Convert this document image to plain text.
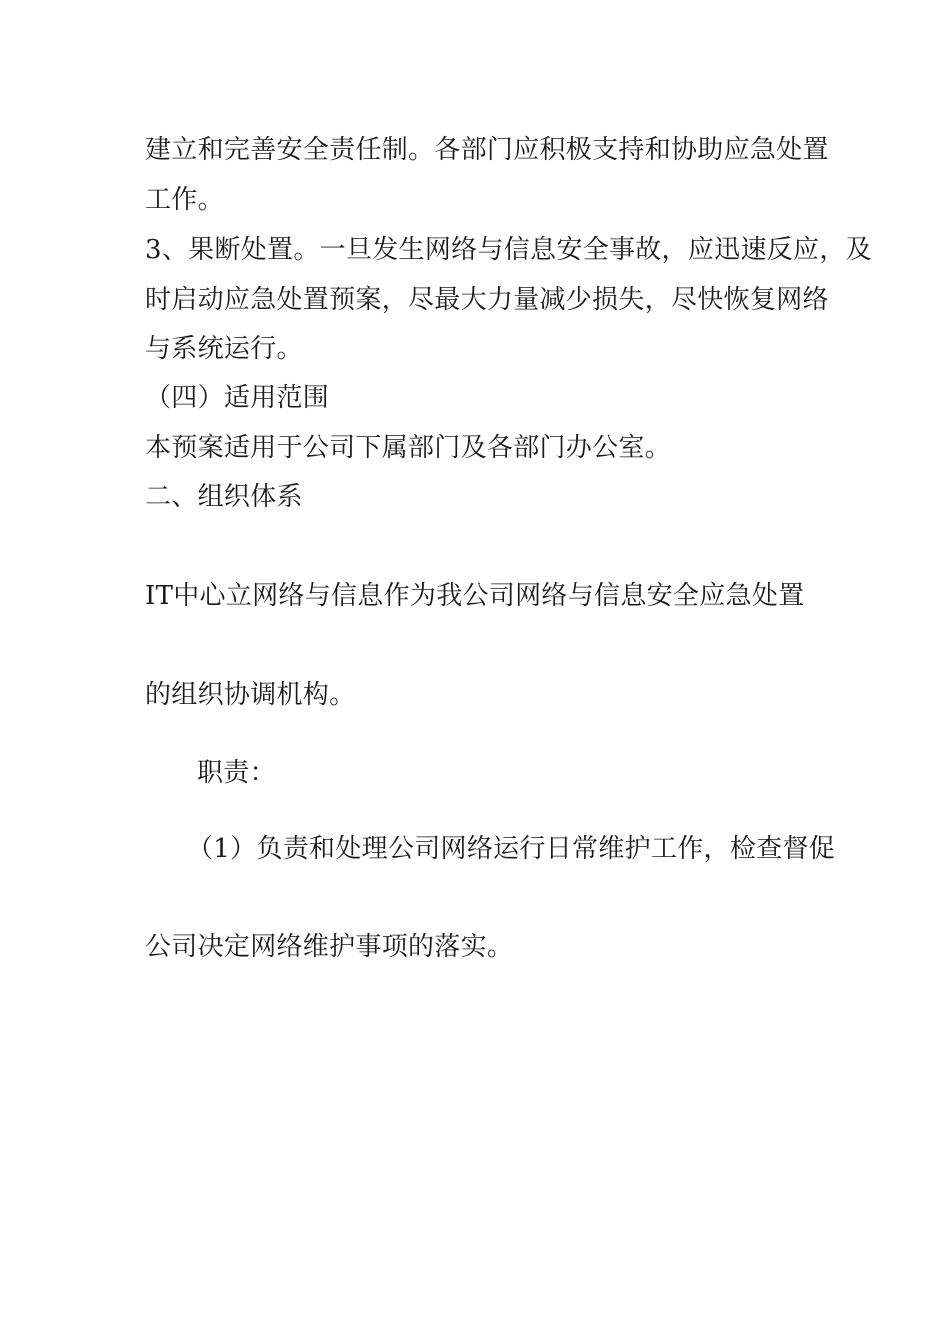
建立和完善安全责任制。各部门应积极支持和协助应急处置
工作。
3、果断处置。一旦发生网络与信息安全事故，应迅速反应，及
时启动应急处置预案，尽最大力量减少损失，尽快恢复网络
与系统运行。
（四）适用范围
本预案适用于公司下属部门及各部门办公室。
二、组织体系
IT中心立网络与信息作为我公司网络与信息安全应急处置
的组织协调机构。
职责：
（1）负责和处理公司网络运行日常维护工作，检查督促
公司决定网络维护事项的落实。
